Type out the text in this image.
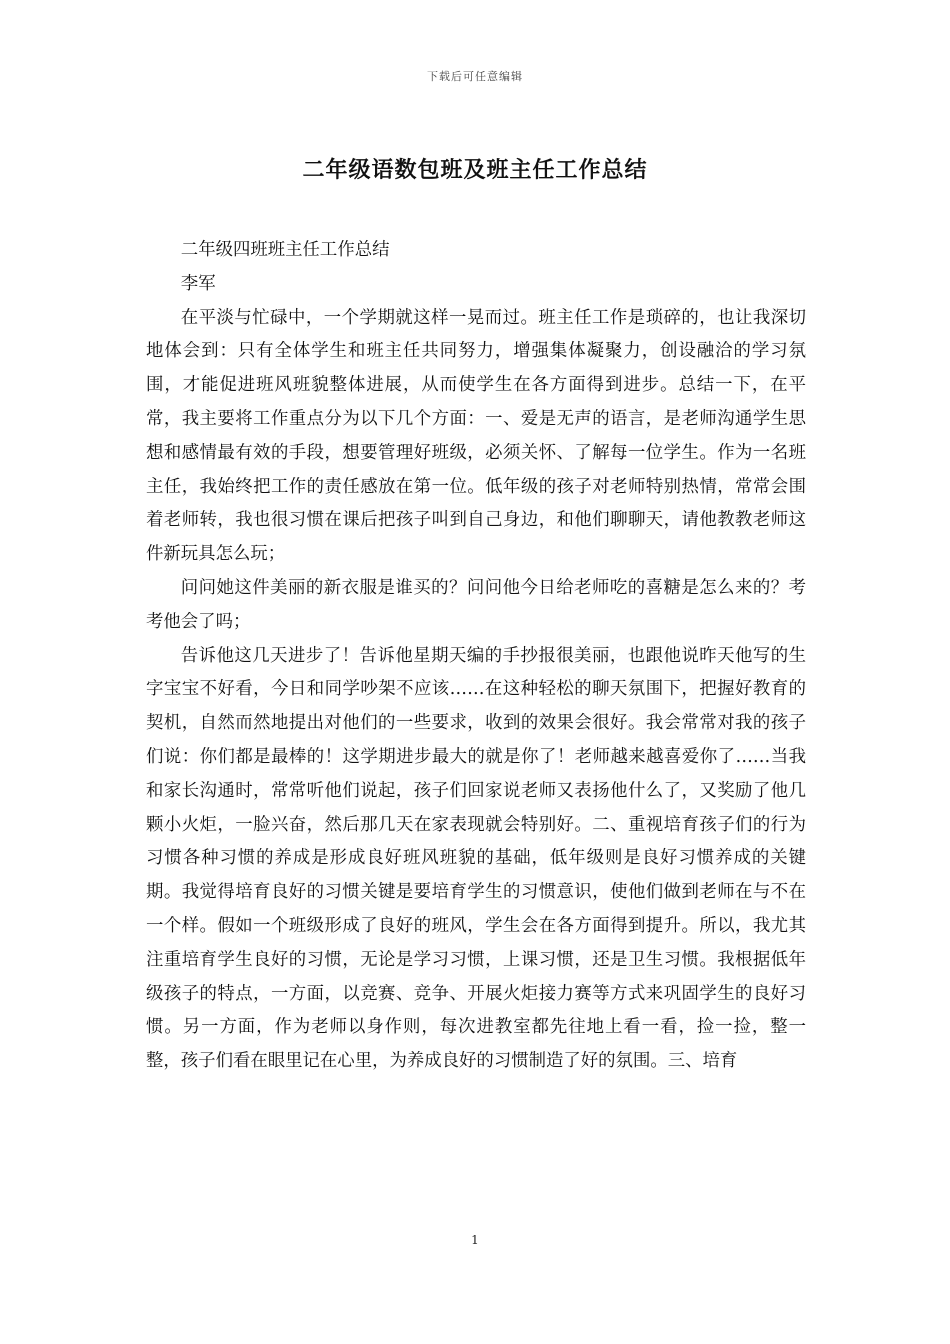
下载后可任意编辑
二年级语数包班及班主任工作总结

二年级四班班主任工作总结

李军

在平淡与忙碌中，一个学期就这样一晃而过。班主任工作是琐碎的，也让我深切地体会到：只有全体学生和班主任共同努力，增强集体凝聚力，创设融洽的学习氛围，才能促进班风班貌整体进展，从而使学生在各方面得到进步。总结一下，在平常，我主要将工作重点分为以下几个方面：一、爱是无声的语言，是老师沟通学生思想和感情最有效的手段，想要管理好班级，必须关怀、了解每一位学生。作为一名班主任，我始终把工作的责任感放在第一位。低年级的孩子对老师特别热情，常常会围着老师转，我也很习惯在课后把孩子叫到自己身边，和他们聊聊天，请他教教老师这件新玩具怎么玩；

问问她这件美丽的新衣服是谁买的？问问他今日给老师吃的喜糖是怎么来的？考考他会了吗；

告诉他这几天进步了！告诉他星期天编的手抄报很美丽，也跟他说昨天他写的生字宝宝不好看，今日和同学吵架不应该……在这种轻松的聊天氛围下，把握好教育的契机，自然而然地提出对他们的一些要求，收到的效果会很好。我会常常对我的孩子们说：你们都是最棒的！这学期进步最大的就是你了！老师越来越喜爱你了……当我和家长沟通时，常常听他们说起，孩子们回家说老师又表扬他什么了，又奖励了他几颗小火炬，一脸兴奋，然后那几天在家表现就会特别好。二、重视培育孩子们的行为习惯各种习惯的养成是形成良好班风班貌的基础，低年级则是良好习惯养成的关键期。我觉得培育良好的习惯关键是要培育学生的习惯意识，使他们做到老师在与不在一个样。假如一个班级形成了良好的班风，学生会在各方面得到提升。所以，我尤其注重培育学生良好的习惯，无论是学习习惯，上课习惯，还是卫生习惯。我根据低年级孩子的特点，一方面，以竞赛、竞争、开展火炬接力赛等方式来巩固学生的良好习惯。另一方面，作为老师以身作则，每次进教室都先往地上看一看，捡一捡，整一整，孩子们看在眼里记在心里，为养成良好的习惯制造了好的氛围。三、培育

1
